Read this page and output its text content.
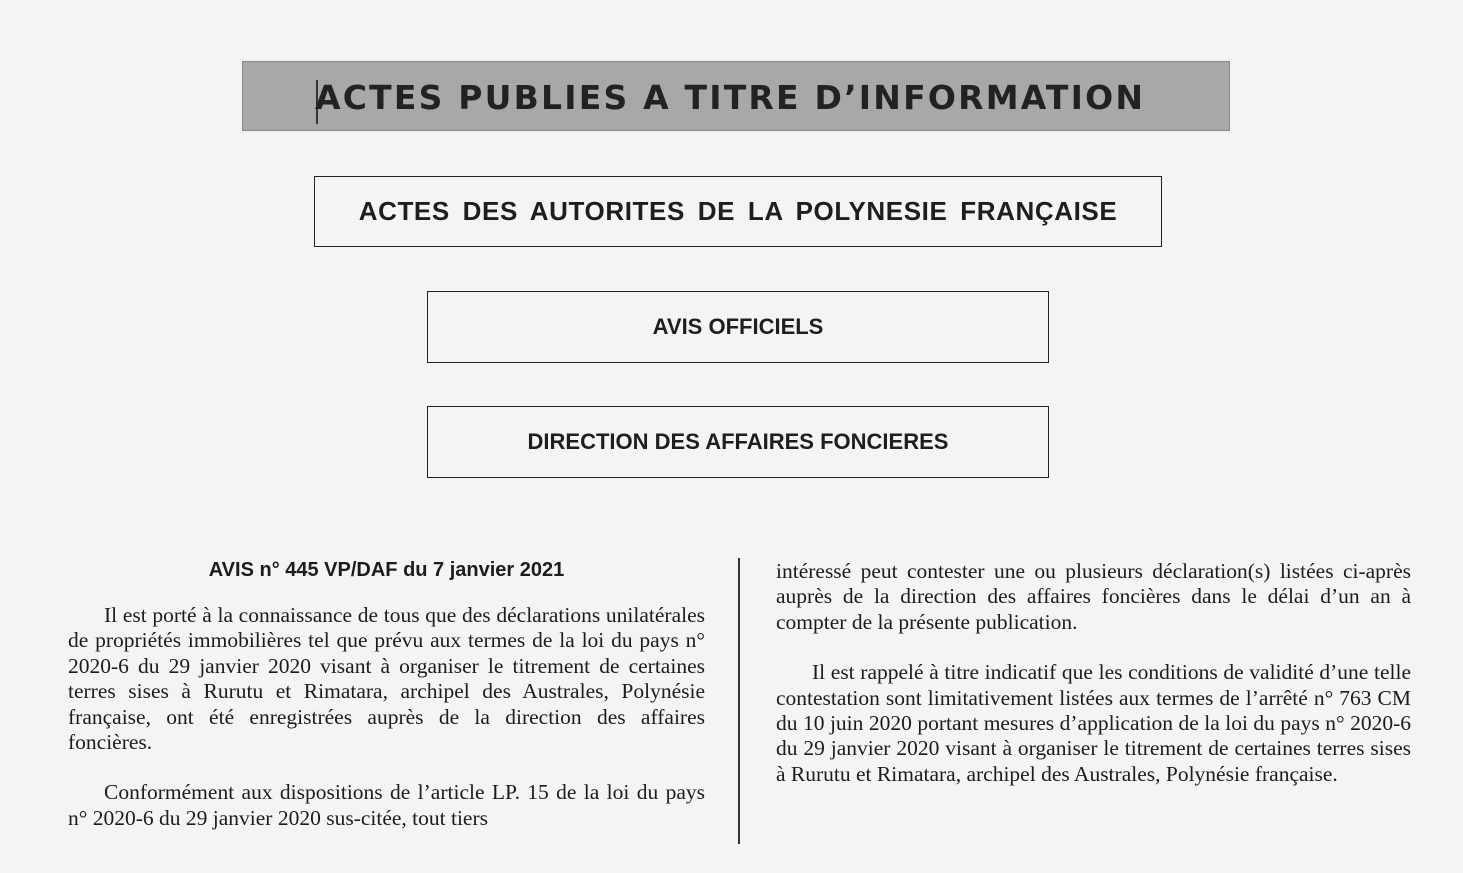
ACTES PUBLIES A TITRE D’INFORMATION
ACTES DES AUTORITES DE LA POLYNESIE FRANÇAISE
AVIS OFFICIELS
DIRECTION DES AFFAIRES FONCIERES
AVIS n° 445 VP/DAF du 7 janvier 2021

Il est porté à la connaissance de tous que des déclarations unilatérales de propriétés immobilières tel que prévu aux termes de la loi du pays n° 2020-6 du 29 janvier 2020 visant à organiser le titrement de certaines terres sises à Rurutu et Rimatara, archipel des Australes, Polynésie française, ont été enregistrées auprès de la direction des affaires foncières.

Conformément aux dispositions de l’article LP. 15 de la loi du pays n° 2020-6 du 29 janvier 2020 sus-citée, tout tiers

intéressé peut contester une ou plusieurs déclaration(s) listées ci-après auprès de la direction des affaires foncières dans le délai d’un an à compter de la présente publication.

Il est rappelé à titre indicatif que les conditions de validité d’une telle contestation sont limitativement listées aux termes de l’arrêté n° 763 CM du 10 juin 2020 portant mesures d’application de la loi du pays n° 2020-6 du 29 janvier 2020 visant à organiser le titrement de certaines terres sises à Rurutu et Rimatara, archipel des Australes, Polynésie française.
